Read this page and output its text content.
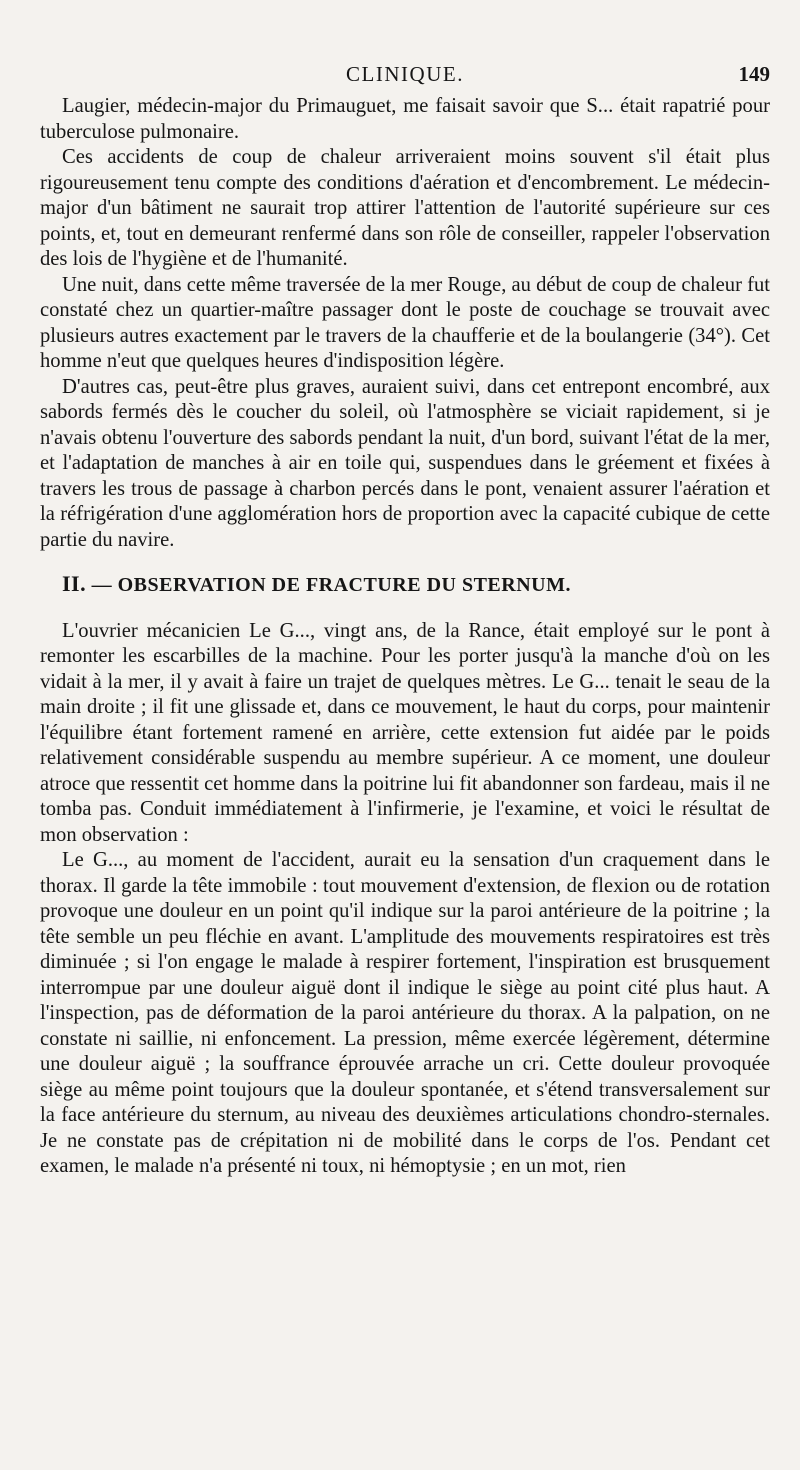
CLINIQUE.	149

Laugier, médecin-major du Primauguet, me faisait savoir que S... était rapatrié pour tuberculose pulmonaire.

Ces accidents de coup de chaleur arriveraient moins souvent s'il était plus rigoureusement tenu compte des conditions d'aération et d'encombrement. Le médecin-major d'un bâtiment ne saurait trop attirer l'attention de l'autorité supérieure sur ces points, et, tout en demeurant renfermé dans son rôle de conseiller, rappeler l'observation des lois de l'hygiène et de l'humanité.

Une nuit, dans cette même traversée de la mer Rouge, au début de coup de chaleur fut constaté chez un quartier-maître passager dont le poste de couchage se trouvait avec plusieurs autres exactement par le travers de la chaufferie et de la boulangerie (34°). Cet homme n'eut que quelques heures d'indisposition légère.

D'autres cas, peut-être plus graves, auraient suivi, dans cet entrepont encombré, aux sabords fermés dès le coucher du soleil, où l'atmosphère se viciait rapidement, si je n'avais obtenu l'ouverture des sabords pendant la nuit, d'un bord, suivant l'état de la mer, et l'adaptation de manches à air en toile qui, suspendues dans le gréement et fixées à travers les trous de passage à charbon percés dans le pont, venaient assurer l'aération et la réfrigération d'une agglomération hors de proportion avec la capacité cubique de cette partie du navire.

II. — OBSERVATION DE FRACTURE DU STERNUM.

L'ouvrier mécanicien Le G..., vingt ans, de la Rance, était employé sur le pont à remonter les escarbilles de la machine. Pour les porter jusqu'à la manche d'où on les vidait à la mer, il y avait à faire un trajet de quelques mètres. Le G... tenait le seau de la main droite ; il fit une glissade et, dans ce mouvement, le haut du corps, pour maintenir l'équilibre étant fortement ramené en arrière, cette extension fut aidée par le poids relativement considérable suspendu au membre supérieur. A ce moment, une douleur atroce que ressentit cet homme dans la poitrine lui fit abandonner son fardeau, mais il ne tomba pas. Conduit immédiatement à l'infirmerie, je l'examine, et voici le résultat de mon observation :

Le G..., au moment de l'accident, aurait eu la sensation d'un craquement dans le thorax. Il garde la tête immobile : tout mouvement d'extension, de flexion ou de rotation provoque une douleur en un point qu'il indique sur la paroi antérieure de la poitrine ; la tête semble un peu fléchie en avant. L'amplitude des mouvements respiratoires est très diminuée ; si l'on engage le malade à respirer fortement, l'inspiration est brusquement interrompue par une douleur aiguë dont il indique le siège au point cité plus haut. A l'inspection, pas de déformation de la paroi antérieure du thorax. A la palpation, on ne constate ni saillie, ni enfoncement. La pression, même exercée légèrement, détermine une douleur aiguë ; la souffrance éprouvée arrache un cri. Cette douleur provoquée siège au même point toujours que la douleur spontanée, et s'étend transversalement sur la face antérieure du sternum, au niveau des deuxièmes articulations chondro-sternales. Je ne constate pas de crépitation ni de mobilité dans le corps de l'os. Pendant cet examen, le malade n'a présenté ni toux, ni hémoptysie ; en un mot, rien
